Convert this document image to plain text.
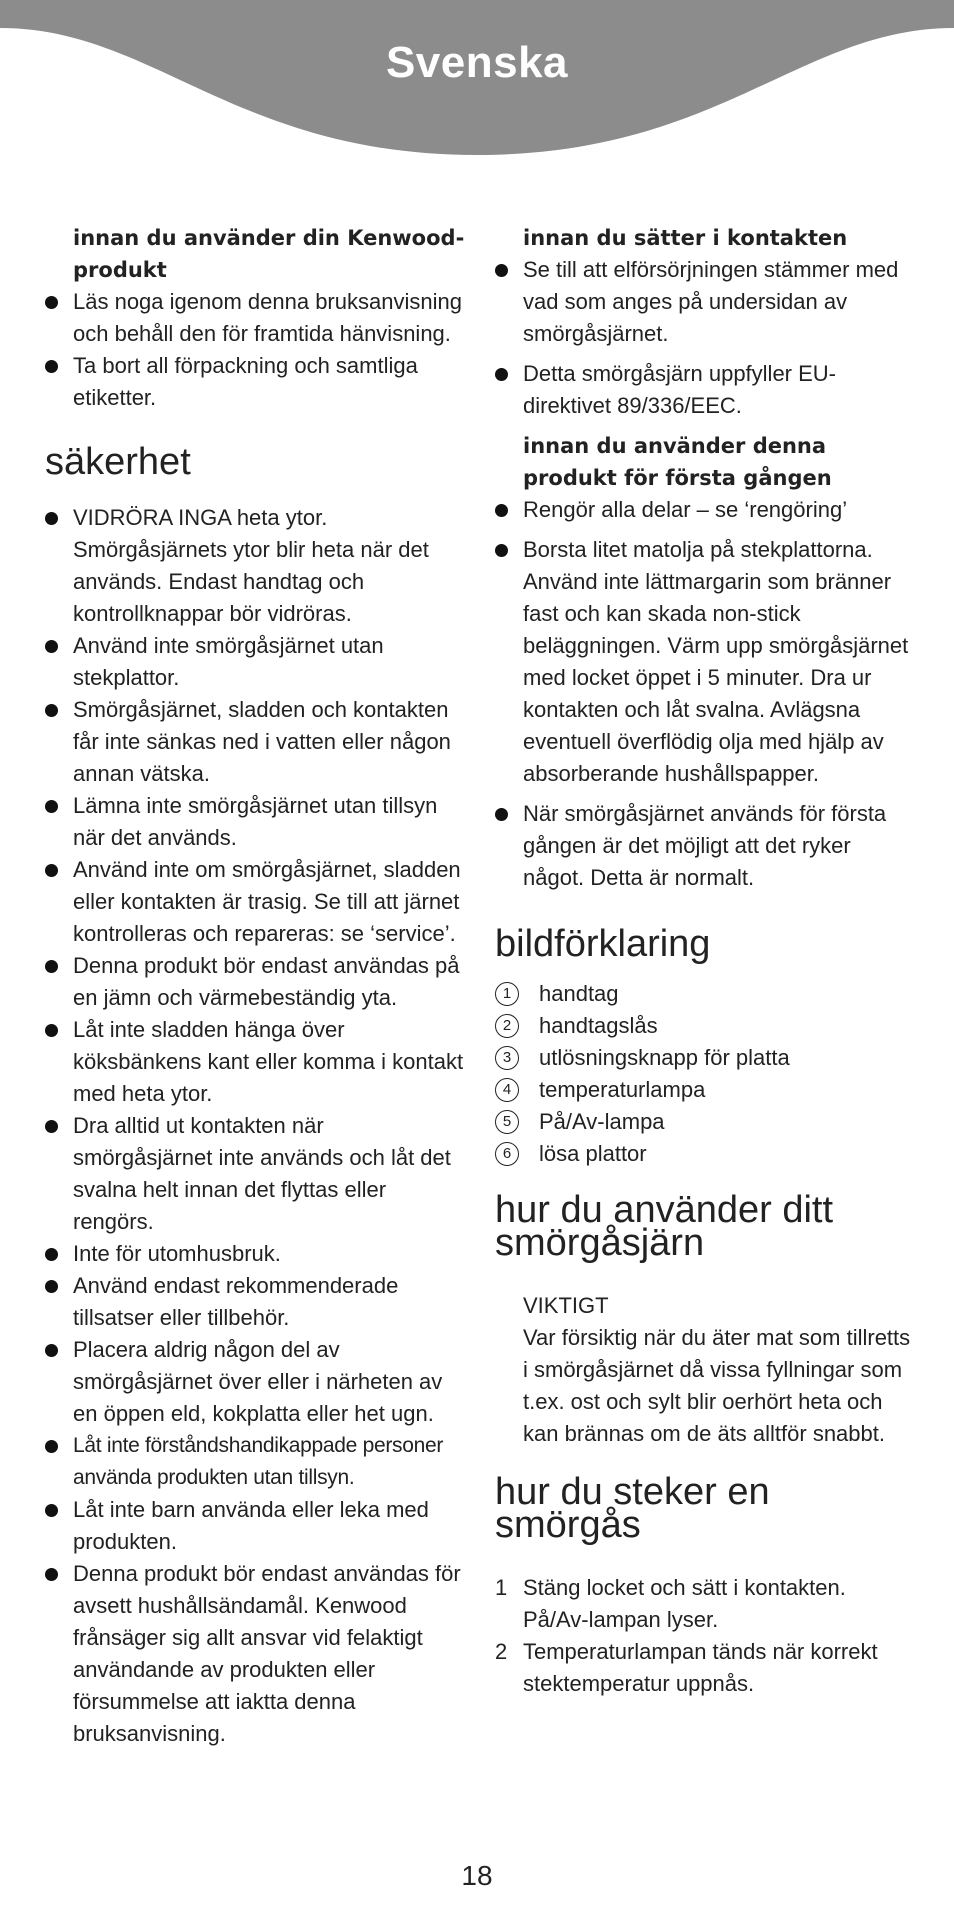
Svenska

innan du använder din Kenwood-produkt

Läs noga igenom denna bruksanvisning och behåll den för framtida hänvisning.
Ta bort all förpackning och samtliga etiketter.
säkerhet
VIDRÖRA INGA heta ytor. Smörgåsjärnets ytor blir heta när det används. Endast handtag och kontrollknappar bör vidröras.
Använd inte smörgåsjärnet utan stekplattor.
Smörgåsjärnet, sladden och kontakten får inte sänkas ned i vatten eller någon annan vätska.
Lämna inte smörgåsjärnet utan tillsyn när det används.
Använd inte om smörgåsjärnet, sladden eller kontakten är trasig. Se till att järnet kontrolleras och repareras: se ‘service’.
Denna produkt bör endast användas på en jämn och värmebeständig yta.
Låt inte sladden hänga över köksbänkens kant eller komma i kontakt med heta ytor.
Dra alltid ut kontakten när smörgåsjärnet inte används och låt det svalna helt innan det flyttas eller rengörs.
Inte för utomhusbruk.
Använd endast rekommenderade tillsatser eller tillbehör.
Placera aldrig någon del av smörgåsjärnet över eller i närheten av en öppen eld, kokplatta eller het ugn.
Låt inte förståndshandikappade personer använda produkten utan tillsyn.
Låt inte barn använda eller leka med produkten.
Denna produkt bör endast användas för avsett hushållsändamål. Kenwood frånsäger sig allt ansvar vid felaktigt användande av produkten eller försummelse att iaktta denna bruksanvisning.

innan du sätter i kontakten

Se till att elförsörjningen stämmer med vad som anges på undersidan av smörgåsjärnet.
Detta smörgåsjärn uppfyller EU-direktivet 89/336/EEC.

innan du använder denna produkt för första gången

Rengör alla delar – se ‘rengöring’
Borsta litet matolja på stekplattorna. Använd inte lättmargarin som bränner fast och kan skada non-stick beläggningen. Värm upp smörgåsjärnet med locket öppet i 5 minuter. Dra ur kontakten och låt svalna. Avlägsna eventuell överflödig olja med hjälp av absorberande hushållspapper.
När smörgåsjärnet används för första gången är det möjligt att det ryker något. Detta är normalt.
bildförklaring
1	handtag
2	handtagslås
3	utlösningsknapp för platta
4	temperaturlampa
5	På/Av-lampa
6	lösa plattor
hur du använder ditt smörgåsjärn
VIKTIGT
Var försiktig när du äter mat som tillretts i smörgåsjärnet då vissa fyllningar som t.ex. ost och sylt blir oerhört heta och kan brännas om de äts alltför snabbt.
hur du steker en smörgås
1 Stäng locket och sätt i kontakten. På/Av-lampan lyser.
2 Temperaturlampan tänds när korrekt stektemperatur uppnås.
18
